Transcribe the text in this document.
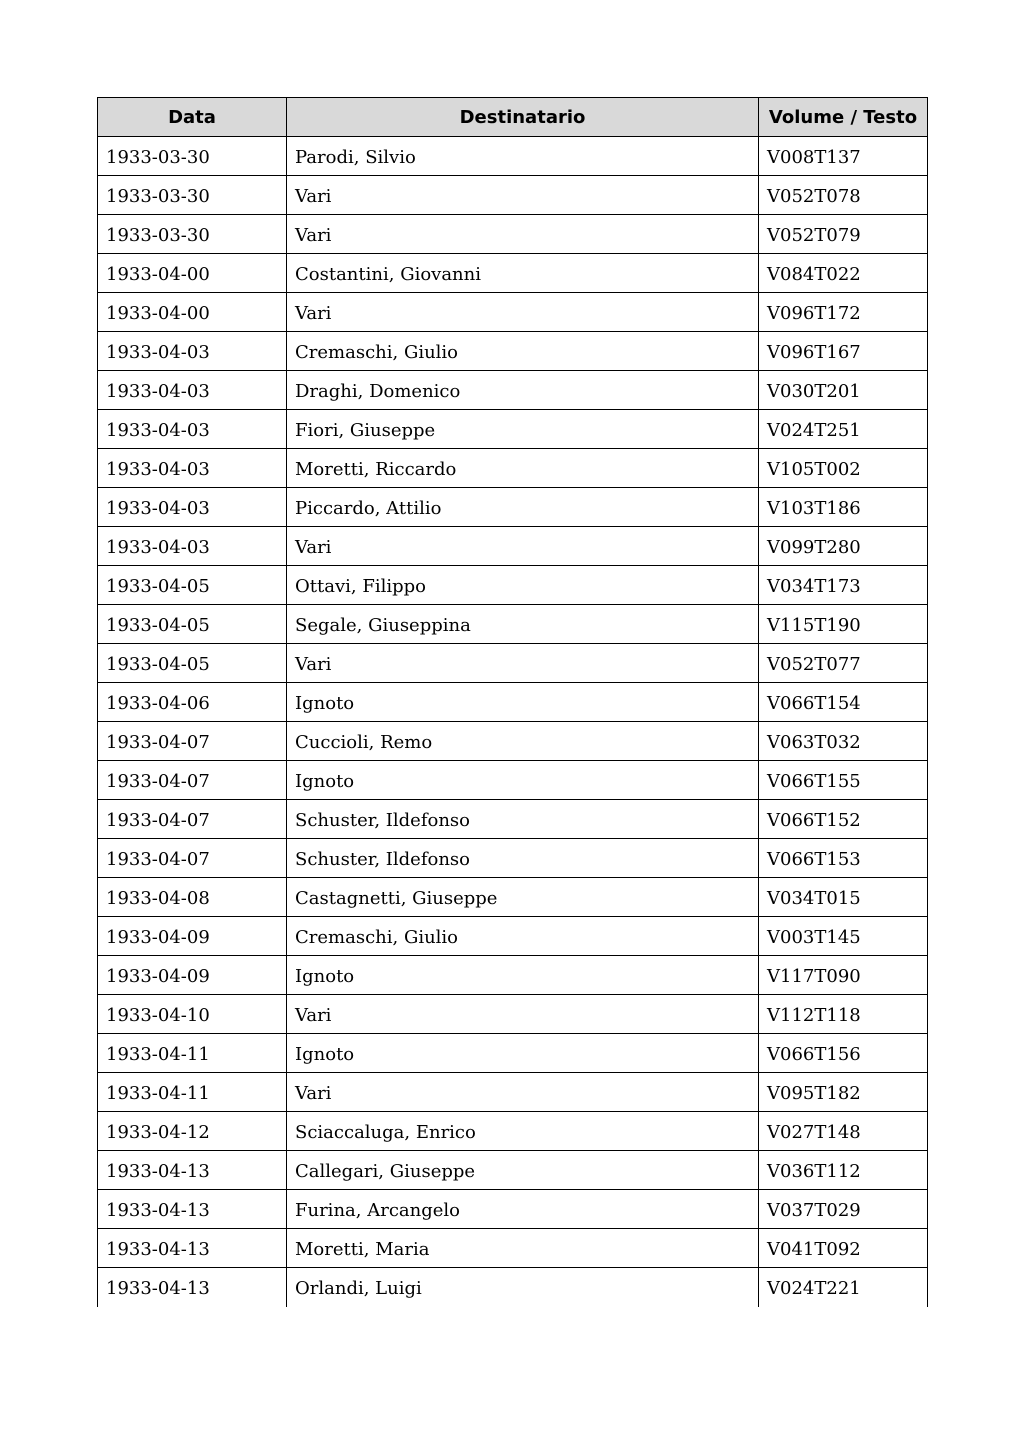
Data	Destinatario	Volume / Testo
1933-03-30	Parodi, Silvio	V008T137
1933-03-30	Vari	V052T078
1933-03-30	Vari	V052T079
1933-04-00	Costantini, Giovanni	V084T022
1933-04-00	Vari	V096T172
1933-04-03	Cremaschi, Giulio	V096T167
1933-04-03	Draghi, Domenico	V030T201
1933-04-03	Fiori, Giuseppe	V024T251
1933-04-03	Moretti, Riccardo	V105T002
1933-04-03	Piccardo, Attilio	V103T186
1933-04-03	Vari	V099T280
1933-04-05	Ottavi, Filippo	V034T173
1933-04-05	Segale, Giuseppina	V115T190
1933-04-05	Vari	V052T077
1933-04-06	Ignoto	V066T154
1933-04-07	Cuccioli, Remo	V063T032
1933-04-07	Ignoto	V066T155
1933-04-07	Schuster, Ildefonso	V066T152
1933-04-07	Schuster, Ildefonso	V066T153
1933-04-08	Castagnetti, Giuseppe	V034T015
1933-04-09	Cremaschi, Giulio	V003T145
1933-04-09	Ignoto	V117T090
1933-04-10	Vari	V112T118
1933-04-11	Ignoto	V066T156
1933-04-11	Vari	V095T182
1933-04-12	Sciaccaluga, Enrico	V027T148
1933-04-13	Callegari, Giuseppe	V036T112
1933-04-13	Furina, Arcangelo	V037T029
1933-04-13	Moretti, Maria	V041T092
1933-04-13	Orlandi, Luigi	V024T221
